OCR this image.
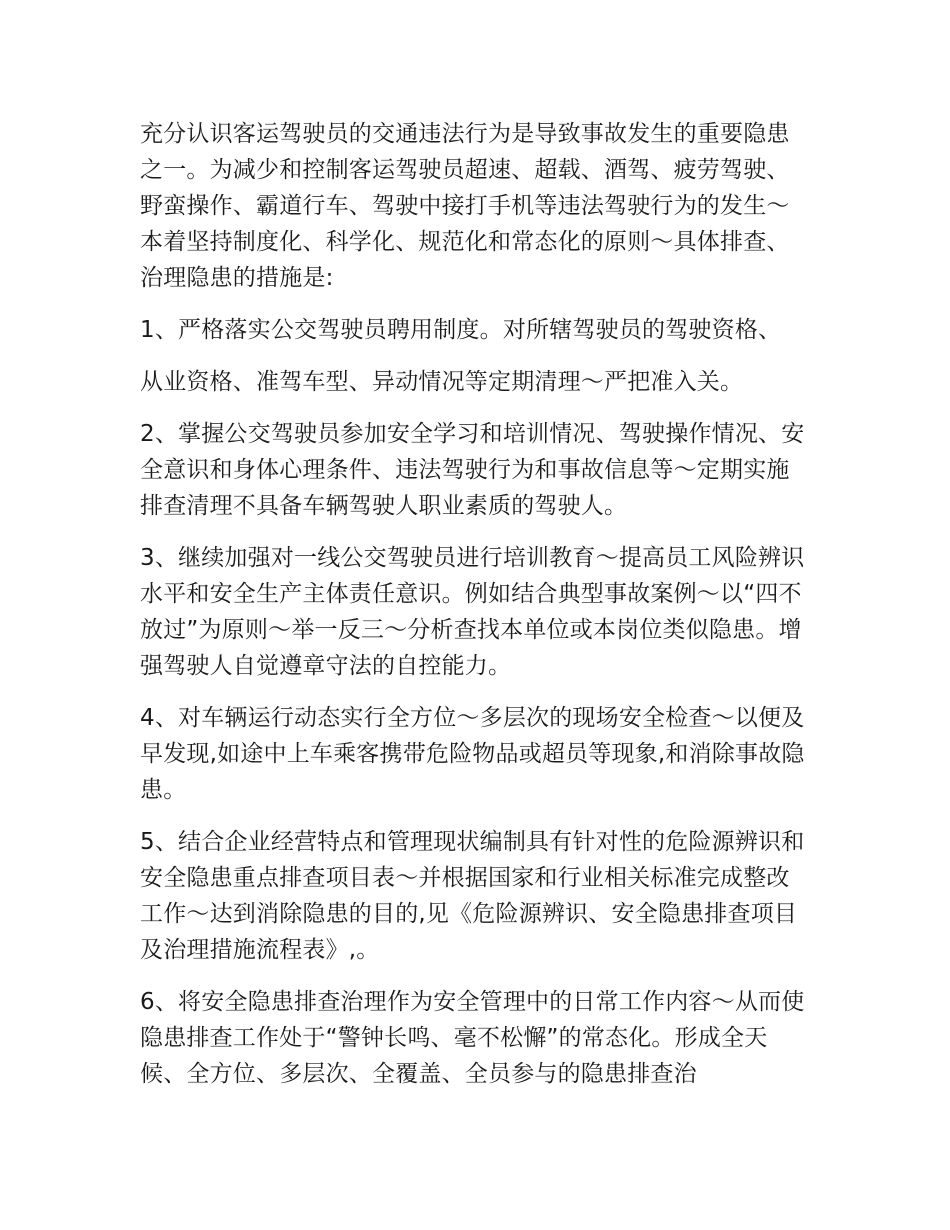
充分认识客运驾驶员的交通违法行为是导致事故发生的重要隐患之一。为减少和控制客运驾驶员超速、超载、酒驾、疲劳驾驶、野蛮操作、霸道行车、驾驶中接打手机等违法驾驶行为的发生～本着坚持制度化、科学化、规范化和常态化的原则～具体排查、治理隐患的措施是:

1、严格落实公交驾驶员聘用制度。对所辖驾驶员的驾驶资格、

从业资格、准驾车型、异动情况等定期清理～严把准入关。

2、掌握公交驾驶员参加安全学习和培训情况、驾驶操作情况、安全意识和身体心理条件、违法驾驶行为和事故信息等～定期实施排查清理不具备车辆驾驶人职业素质的驾驶人。

3、继续加强对一线公交驾驶员进行培训教育～提高员工风险辨识水平和安全生产主体责任意识。例如结合典型事故案例～以“四不放过”为原则～举一反三～分析查找本单位或本岗位类似隐患。增强驾驶人自觉遵章守法的自控能力。

4、对车辆运行动态实行全方位～多层次的现场安全检查～以便及早发现,如途中上车乘客携带危险物品或超员等现象,和消除事故隐患。

5、结合企业经营特点和管理现状编制具有针对性的危险源辨识和安全隐患重点排查项目表～并根据国家和行业相关标准完成整改工作～达到消除隐患的目的,见《危险源辨识、安全隐患排查项目及治理措施流程表》,。

6、将安全隐患排查治理作为安全管理中的日常工作内容～从而使隐患排查工作处于“警钟长鸣、毫不松懈”的常态化。形成全天候、全方位、多层次、全覆盖、全员参与的隐患排查治
